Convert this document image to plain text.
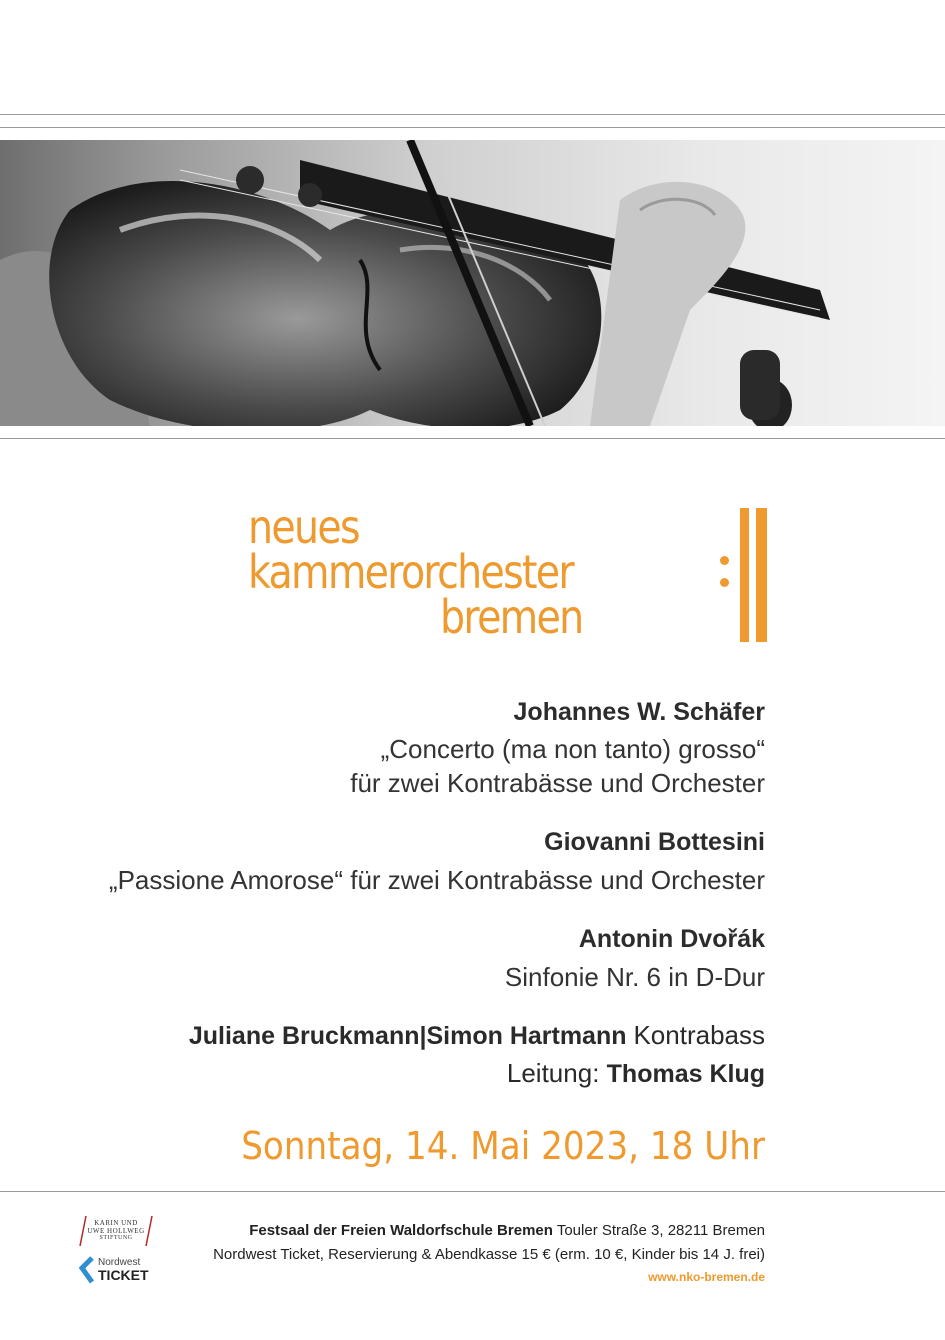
neues
kammerorchester
bremen
Johannes W. Schäfer
„Concerto (ma non tanto) grosso“
für zwei Kontrabässe und Orchester
Giovanni Bottesini
„Passione Amorose“ für zwei Kontrabässe und Orchester
Antonin Dvořák
Sinfonie Nr. 6 in D-Dur
Juliane Bruckmann|Simon Hartmann Kontrabass
Leitung: Thomas Klug
Sonntag, 14. Mai 2023, 18 Uhr
KARIN UND
UWE HOLLWEG
STIFTUNG
Nordwest
TICKET
Festsaal der Freien Waldorfschule Bremen Touler Straße 3, 28211 Bremen
Nordwest Ticket, Reservierung & Abendkasse 15 € (erm. 10 €, Kinder bis 14 J. frei)
www.nko-bremen.de
